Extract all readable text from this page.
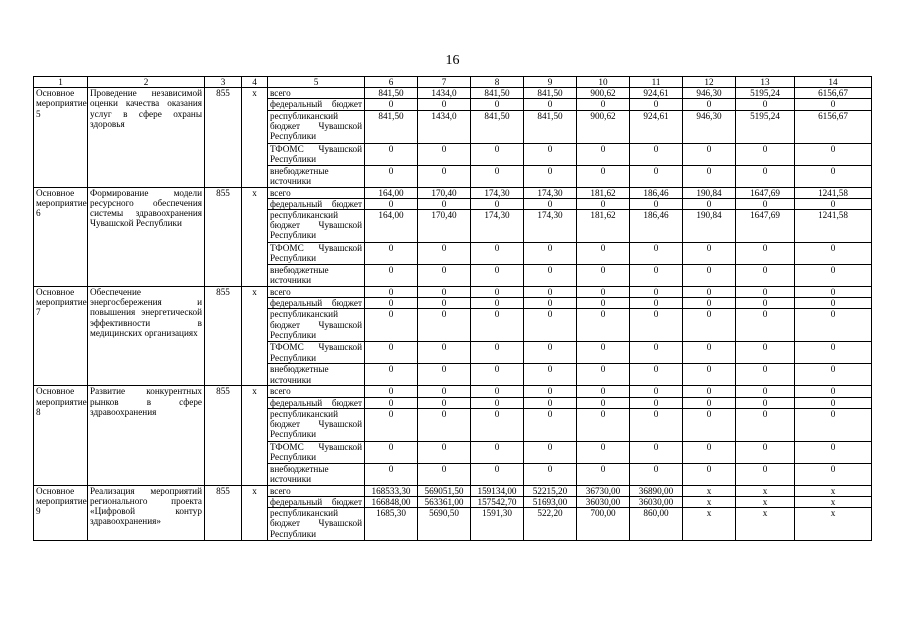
16
1	2	3	4	5	6	7	8	9	10	11	12	13	14
Основное мероприятие 5	Проведение независимой оценки качества оказания услуг в сфере охраны здоровья	855	x	всего	841,50	1434,0	841,50	841,50	900,62	924,61	946,30	5195,24	6156,67
				федеральный бюджет	0	0	0	0	0	0	0	0	0
				республиканский бюджет Чувашской Республики	841,50	1434,0	841,50	841,50	900,62	924,61	946,30	5195,24	6156,67
				ТФОМС Чувашской Республики	0	0	0	0	0	0	0	0	0
				внебюджетные источники	0	0	0	0	0	0	0	0	0
Основное мероприятие 6	Формирование модели ресурсного обеспечения системы здравоохранения Чувашской Республики	855	x	всего	164,00	170,40	174,30	174,30	181,62	186,46	190,84	1647,69	1241,58
				федеральный бюджет	0	0	0	0	0	0	0	0	0
				республиканский бюджет Чувашской Республики	164,00	170,40	174,30	174,30	181,62	186,46	190,84	1647,69	1241,58
				ТФОМС Чувашской Республики	0	0	0	0	0	0	0	0	0
				внебюджетные источники	0	0	0	0	0	0	0	0	0
Основное мероприятие 7	Обеспечение энергосбережения и повышения энергетической эффективности в медицинских организациях	855	x	всего	0	0	0	0	0	0	0	0	0
				федеральный бюджет	0	0	0	0	0	0	0	0	0
				республиканский бюджет Чувашской Республики	0	0	0	0	0	0	0	0	0
				ТФОМС Чувашской Республики	0	0	0	0	0	0	0	0	0
				внебюджетные источники	0	0	0	0	0	0	0	0	0
Основное мероприятие 8	Развитие конкурентных рынков в сфере здравоохранения	855	x	всего	0	0	0	0	0	0	0	0	0
				федеральный бюджет	0	0	0	0	0	0	0	0	0
				республиканский бюджет Чувашской Республики	0	0	0	0	0	0	0	0	0
				ТФОМС Чувашской Республики	0	0	0	0	0	0	0	0	0
				внебюджетные источники	0	0	0	0	0	0	0	0	0
Основное мероприятие 9	Реализация мероприятий регионального проекта «Цифровой контур здравоохранения»	855	x	всего	168533,30	569051,50	159134,00	52215,20	36730,00	36890,00	x	x	x
				федеральный бюджет	166848,00	563361,00	157542,70	51693,00	36030,00	36030,00	x	x	x
				республиканский бюджет Чувашской Республики	1685,30	5690,50	1591,30	522,20	700,00	860,00	x	x	x
